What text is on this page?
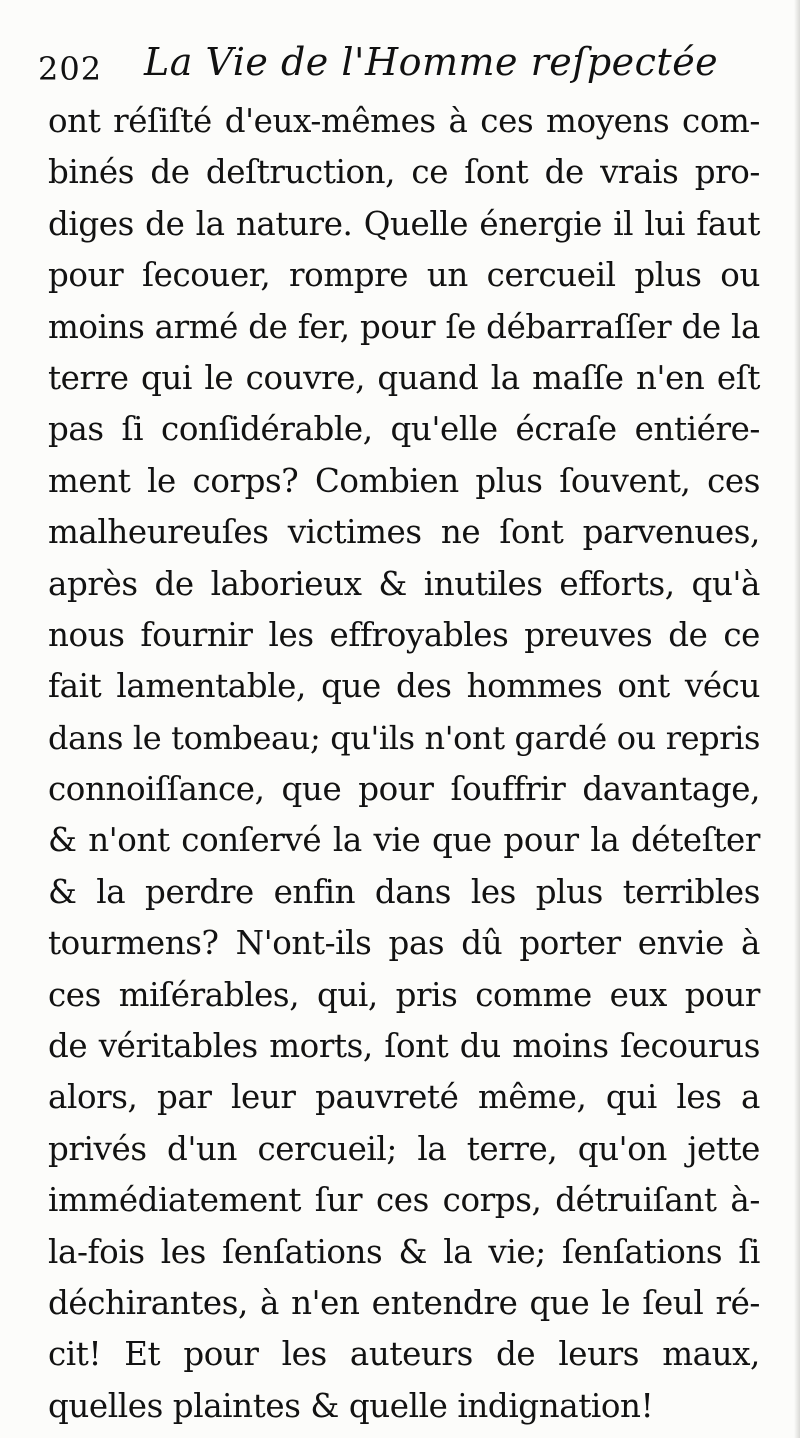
202 La Vie de l'Homme reſpectée
ont réſiſté d'eux-mêmes à ces moyens com-
binés de deſtruction, ce ſont de vrais pro-
diges de la nature. Quelle énergie il lui faut
pour ſecouer, rompre un cercueil plus ou
moins armé de fer, pour ſe débarraſſer de la
terre qui le couvre, quand la maſſe n'en eſt
pas ſi conſidérable, qu'elle écraſe entiére-
ment le corps? Combien plus ſouvent, ces
malheureuſes victimes ne ſont parvenues,
après de laborieux & inutiles efforts, qu'à
nous fournir les effroyables preuves de ce
fait lamentable, que des hommes ont vécu
dans le tombeau; qu'ils n'ont gardé ou repris
connoiſſance, que pour ſouffrir davantage,
& n'ont conſervé la vie que pour la déteſter
& la perdre enfin dans les plus terribles
tourmens? N'ont-ils pas dû porter envie à
ces miſérables, qui, pris comme eux pour
de véritables morts, ſont du moins ſecourus
alors, par leur pauvreté même, qui les a
privés d'un cercueil; la terre, qu'on jette
immédiatement ſur ces corps, détruiſant à-
la-fois les ſenſations & la vie; ſenſations ſi
déchirantes, à n'en entendre que le ſeul ré-
cit! Et pour les auteurs de leurs maux,
quelles plaintes & quelle indignation!
